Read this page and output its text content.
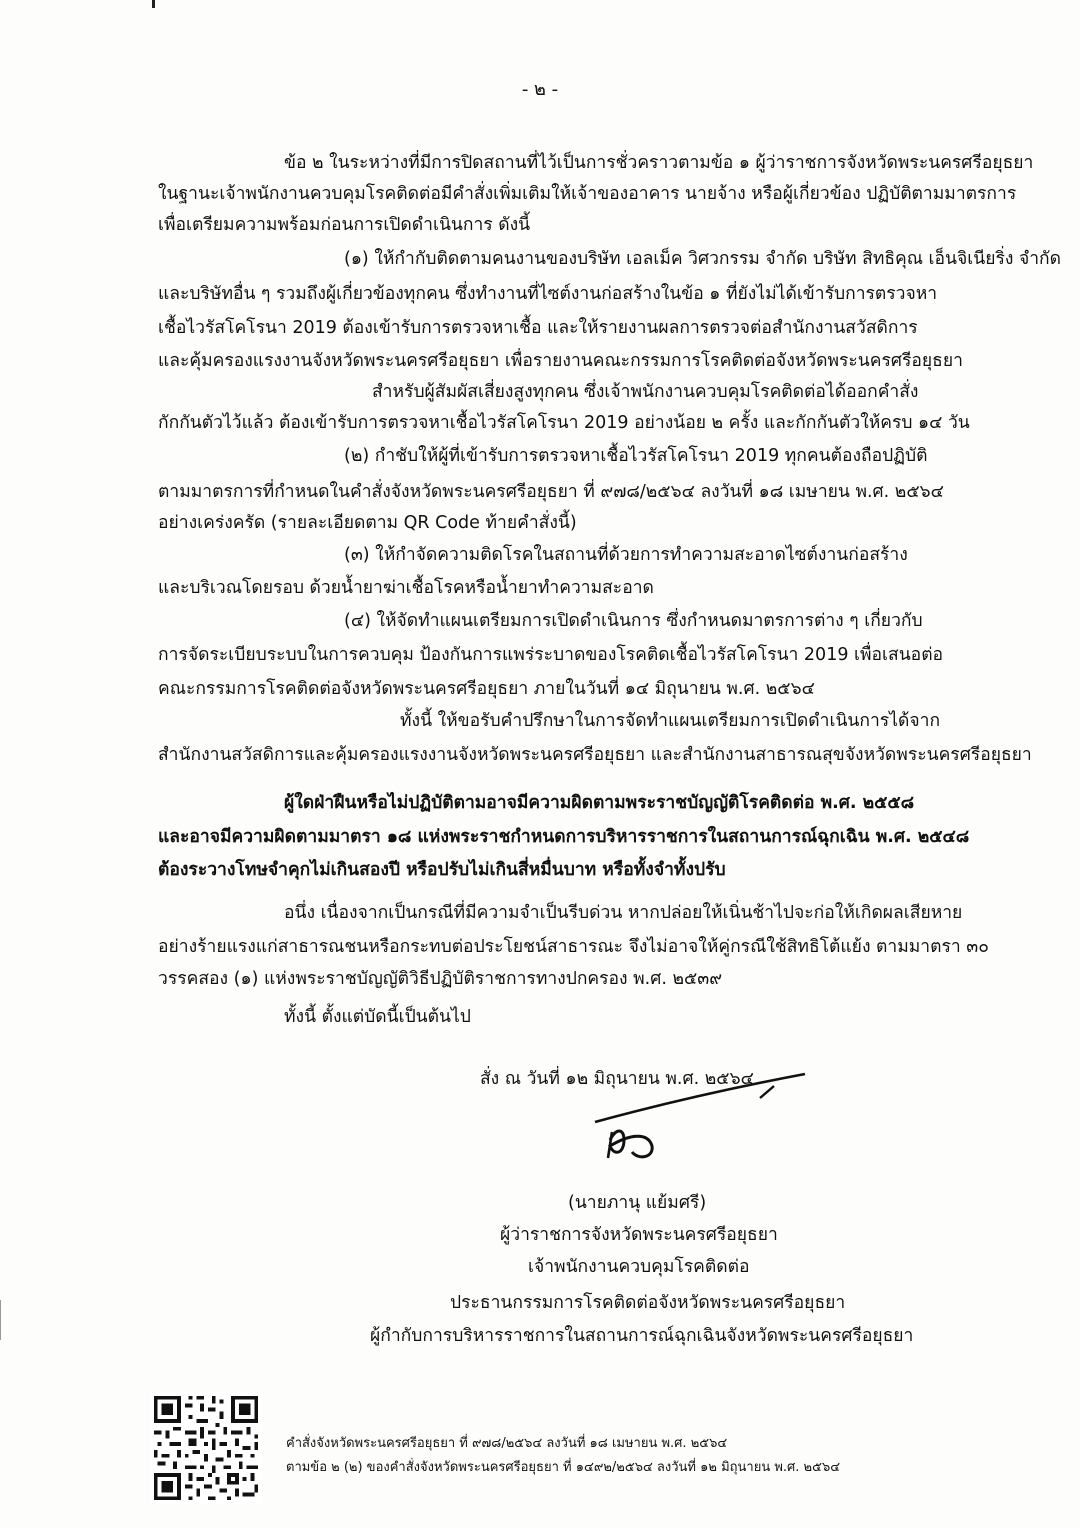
- ๒ -
ข้อ ๒ ในระหว่างที่มีการปิดสถานที่ไว้เป็นการชั่วคราวตามข้อ ๑ ผู้ว่าราชการจังหวัดพระนครศรีอยุธยา
ในฐานะเจ้าพนักงานควบคุมโรคติดต่อมีคำสั่งเพิ่มเติมให้เจ้าของอาคาร นายจ้าง หรือผู้เกี่ยวข้อง ปฏิบัติตามมาตรการ
เพื่อเตรียมความพร้อมก่อนการเปิดดำเนินการ ดังนี้
(๑) ให้กำกับติดตามคนงานของบริษัท เอลเม็ค วิศวกรรม จำกัด บริษัท สิทธิคุณ เอ็นจิเนียริ่ง จำกัด
และบริษัทอื่น ๆ รวมถึงผู้เกี่ยวข้องทุกคน ซึ่งทำงานที่ไซต์งานก่อสร้างในข้อ ๑ ที่ยังไม่ได้เข้ารับการตรวจหา
เชื้อไวรัสโคโรนา 2019 ต้องเข้ารับการตรวจหาเชื้อ และให้รายงานผลการตรวจต่อสำนักงานสวัสดิการ
และคุ้มครองแรงงานจังหวัดพระนครศรีอยุธยา เพื่อรายงานคณะกรรมการโรคติดต่อจังหวัดพระนครศรีอยุธยา
สำหรับผู้สัมผัสเสี่ยงสูงทุกคน ซึ่งเจ้าพนักงานควบคุมโรคติดต่อได้ออกคำสั่ง
กักกันตัวไว้แล้ว ต้องเข้ารับการตรวจหาเชื้อไวรัสโคโรนา 2019 อย่างน้อย ๒ ครั้ง และกักกันตัวให้ครบ ๑๔ วัน
(๒) กำชับให้ผู้ที่เข้ารับการตรวจหาเชื้อไวรัสโคโรนา 2019 ทุกคนต้องถือปฏิบัติ
ตามมาตรการที่กำหนดในคำสั่งจังหวัดพระนครศรีอยุธยา ที่ ๙๗๘/๒๕๖๔ ลงวันที่ ๑๘ เมษายน พ.ศ. ๒๕๖๔
อย่างเคร่งครัด (รายละเอียดตาม QR Code ท้ายคำสั่งนี้)
(๓) ให้กำจัดความติดโรคในสถานที่ด้วยการทำความสะอาดไซต์งานก่อสร้าง
และบริเวณโดยรอบ ด้วยน้ำยาฆ่าเชื้อโรคหรือน้ำยาทำความสะอาด
(๔) ให้จัดทำแผนเตรียมการเปิดดำเนินการ ซึ่งกำหนดมาตรการต่าง ๆ เกี่ยวกับ
การจัดระเบียบระบบในการควบคุม ป้องกันการแพร่ระบาดของโรคติดเชื้อไวรัสโคโรนา 2019 เพื่อเสนอต่อ
คณะกรรมการโรคติดต่อจังหวัดพระนครศรีอยุธยา ภายในวันที่ ๑๔ มิถุนายน พ.ศ. ๒๕๖๔
ทั้งนี้ ให้ขอรับคำปรึกษาในการจัดทำแผนเตรียมการเปิดดำเนินการได้จาก
สำนักงานสวัสดิการและคุ้มครองแรงงานจังหวัดพระนครศรีอยุธยา และสำนักงานสาธารณสุขจังหวัดพระนครศรีอยุธยา
ผู้ใดฝ่าฝืนหรือไม่ปฏิบัติตามอาจมีความผิดตามพระราชบัญญัติโรคติดต่อ พ.ศ. ๒๕๕๘
และอาจมีความผิดตามมาตรา ๑๘ แห่งพระราชกำหนดการบริหารราชการในสถานการณ์ฉุกเฉิน พ.ศ. ๒๕๔๘
ต้องระวางโทษจำคุกไม่เกินสองปี หรือปรับไม่เกินสี่หมื่นบาท หรือทั้งจำทั้งปรับ
อนึ่ง เนื่องจากเป็นกรณีที่มีความจำเป็นรีบด่วน หากปล่อยให้เนิ่นช้าไปจะก่อให้เกิดผลเสียหาย
อย่างร้ายแรงแก่สาธารณชนหรือกระทบต่อประโยชน์สาธารณะ จึงไม่อาจให้คู่กรณีใช้สิทธิโต้แย้ง ตามมาตรา ๓๐
วรรคสอง (๑) แห่งพระราชบัญญัติวิธีปฏิบัติราชการทางปกครอง พ.ศ. ๒๕๓๙
ทั้งนี้ ตั้งแต่บัดนี้เป็นต้นไป
สั่ง ณ วันที่ ๑๒ มิถุนายน พ.ศ. ๒๕๖๔
(นายภานุ แย้มศรี)
ผู้ว่าราชการจังหวัดพระนครศรีอยุธยา
เจ้าพนักงานควบคุมโรคติดต่อ
ประธานกรรมการโรคติดต่อจังหวัดพระนครศรีอยุธยา
ผู้กำกับการบริหารราชการในสถานการณ์ฉุกเฉินจังหวัดพระนครศรีอยุธยา
คำสั่งจังหวัดพระนครศรีอยุธยา ที่ ๙๗๘/๒๕๖๔ ลงวันที่ ๑๘ เมษายน พ.ศ. ๒๕๖๔
ตามข้อ ๒ (๒) ของคำสั่งจังหวัดพระนครศรีอยุธยา ที่ ๑๔๙๒/๒๕๖๔ ลงวันที่ ๑๒ มิถุนายน พ.ศ. ๒๕๖๔
